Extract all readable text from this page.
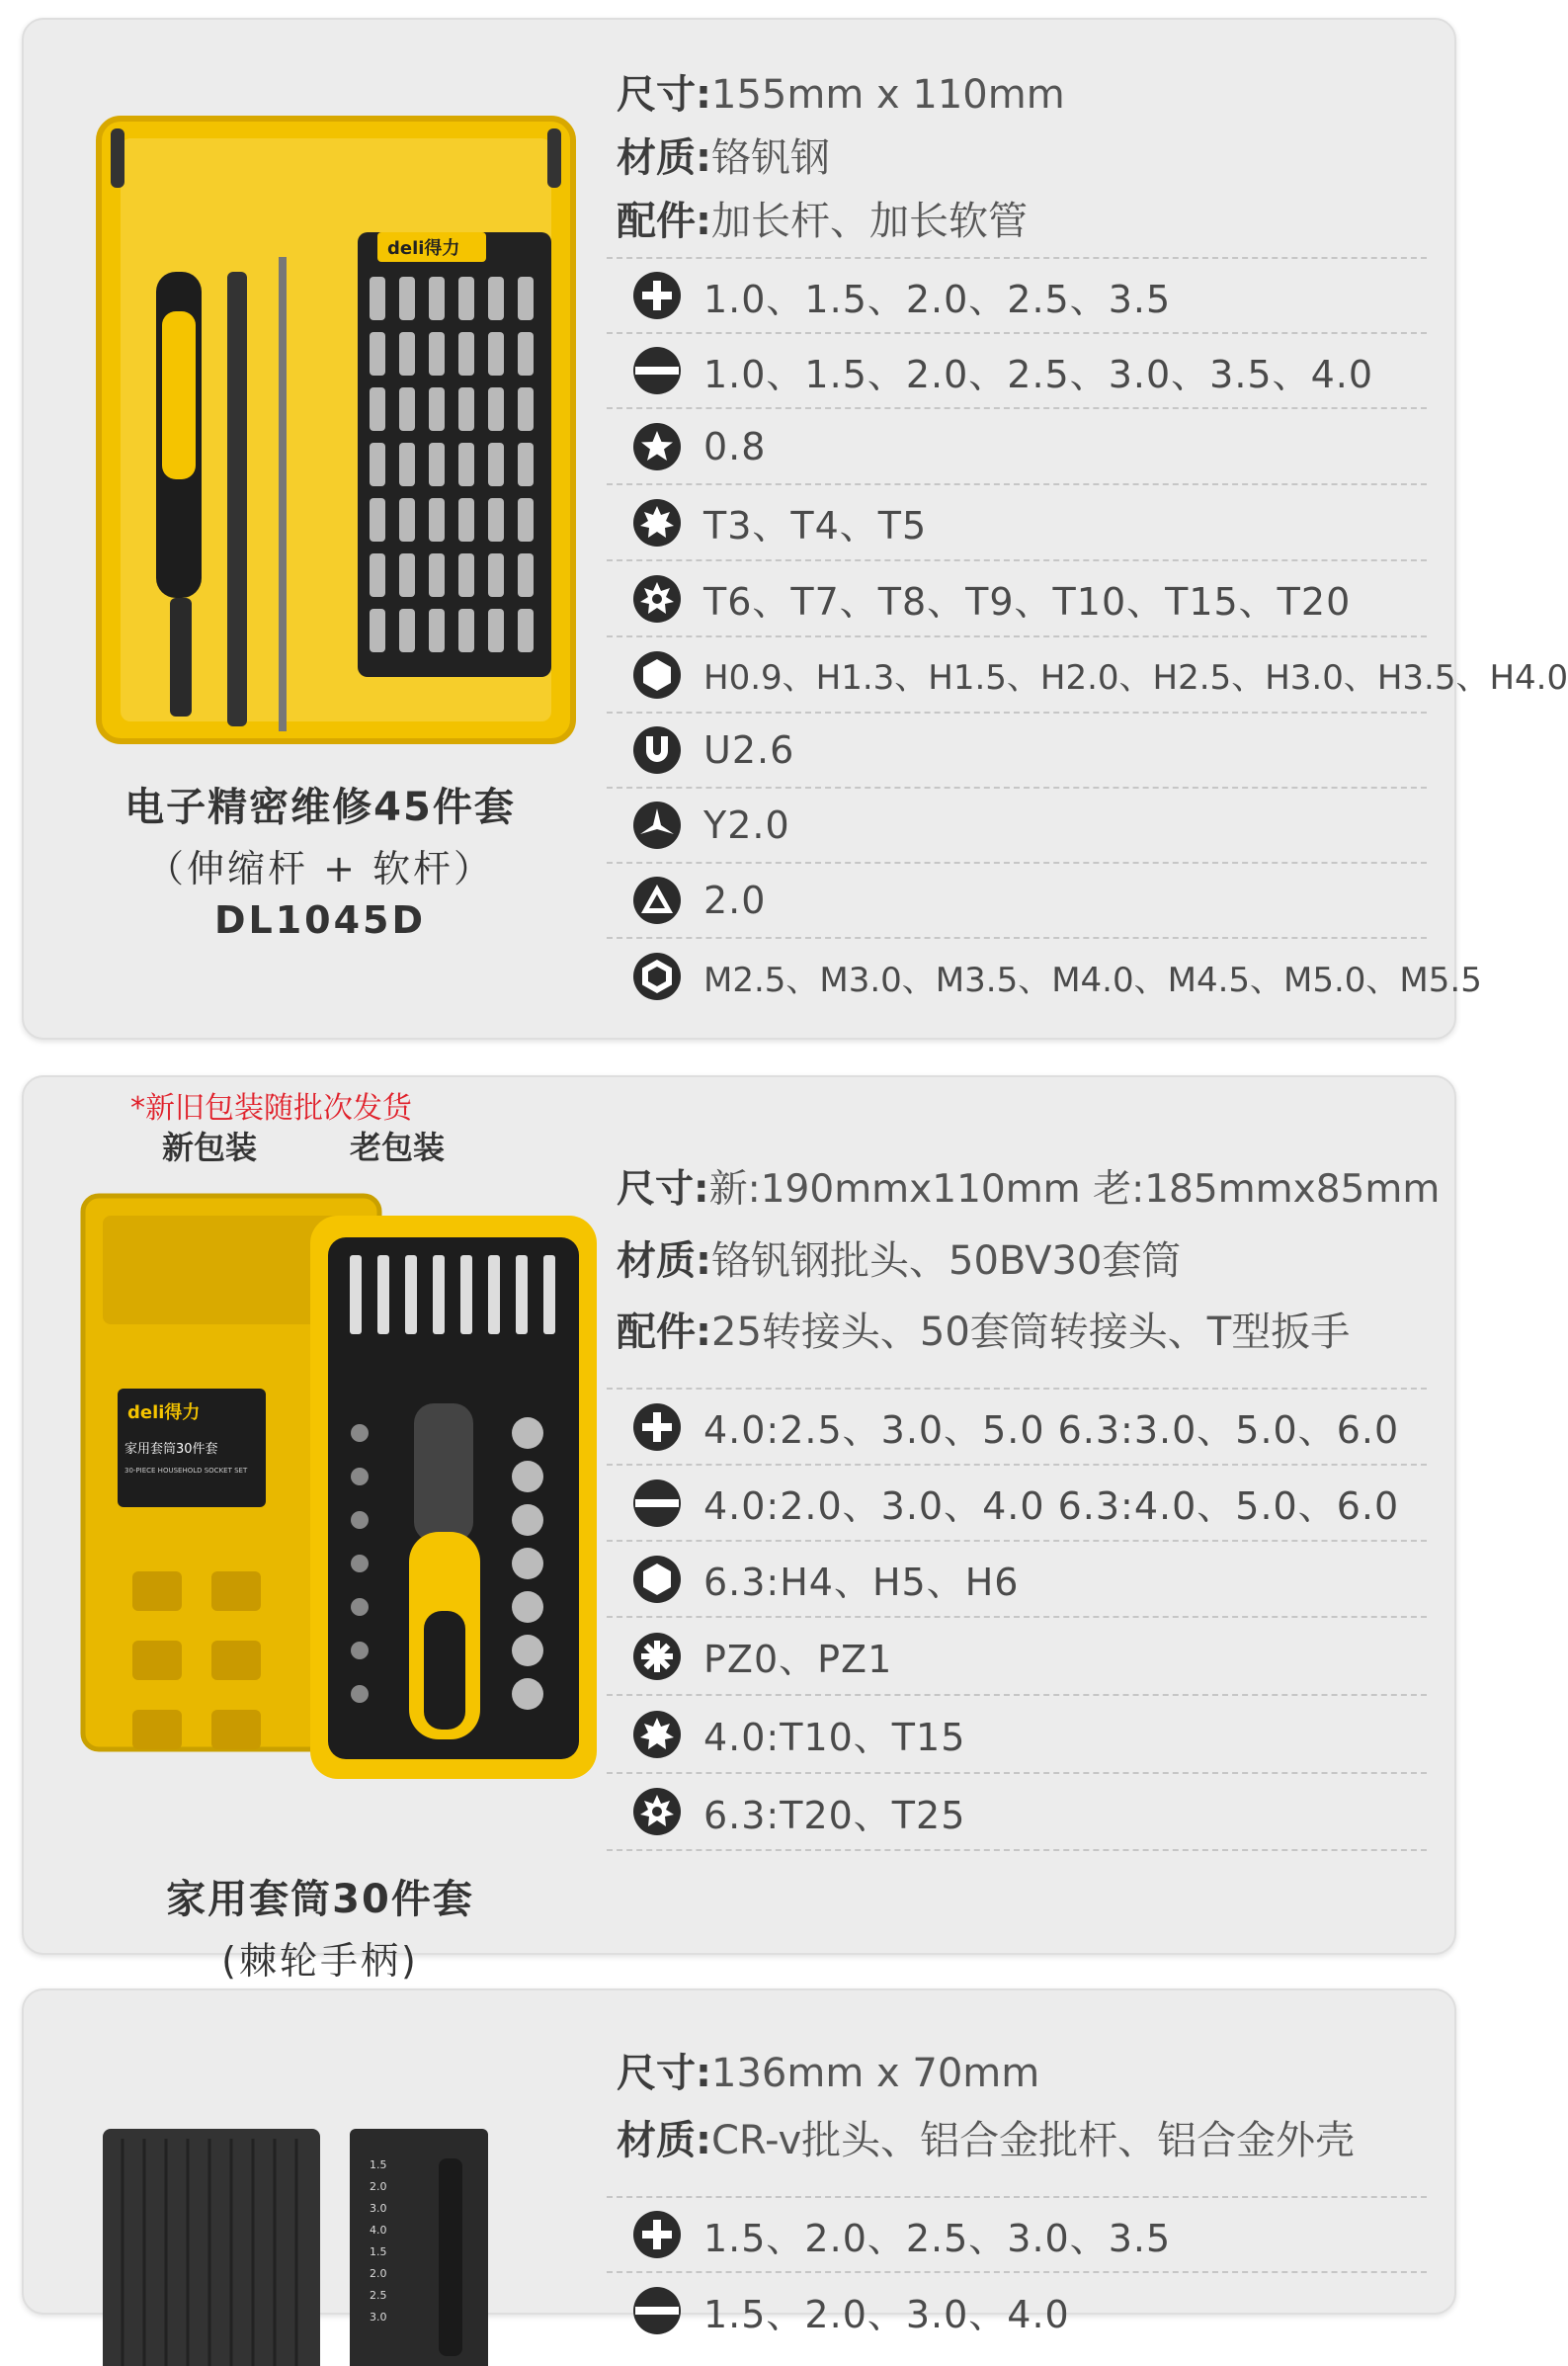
deli得力
电子精密维修45件套
（伸缩杆 + 软杆）
DL1045D
尺寸:155mm x 110mm
材质:铬钒钢
配件:加长杆、加长软管
1.0、1.5、2.0、2.5、3.5
1.0、1.5、2.0、2.5、3.0、3.5、4.0
0.8
T3、T4、T5
T6、T7、T8、T9、T10、T15、T20
H0.9、H1.3、H1.5、H2.0、H2.5、H3.0、H3.5、H4.0
U2.6
Y2.0
2.0
M2.5、M3.0、M3.5、M4.0、M4.5、M5.0、M5.5
*新旧包装随批次发货
新包装	老包装
deli得力
家用套筒30件套
30-PIECE HOUSEHOLD SOCKET SET
家用套筒30件套
(棘轮手柄)
尺寸:新:190mmx110mm 老:185mmx85mm
材质:铬钒钢批头、50BV30套筒
配件:25转接头、50套筒转接头、T型扳手
4.0:2.5、3.0、5.0 6.3:3.0、5.0、6.0
4.0:2.0、3.0、4.0 6.3:4.0、5.0、6.0
6.3:H4、H5、H6
PZ0、PZ1
4.0:T10、T15
6.3:T20、T25
1.5
2.0
3.0
4.0
1.5
2.0
2.5
3.0
尺寸:136mm x 70mm
材质:CR-v批头、铝合金批杆、铝合金外壳
1.5、2.0、2.5、3.0、3.5
1.5、2.0、3.0、4.0
